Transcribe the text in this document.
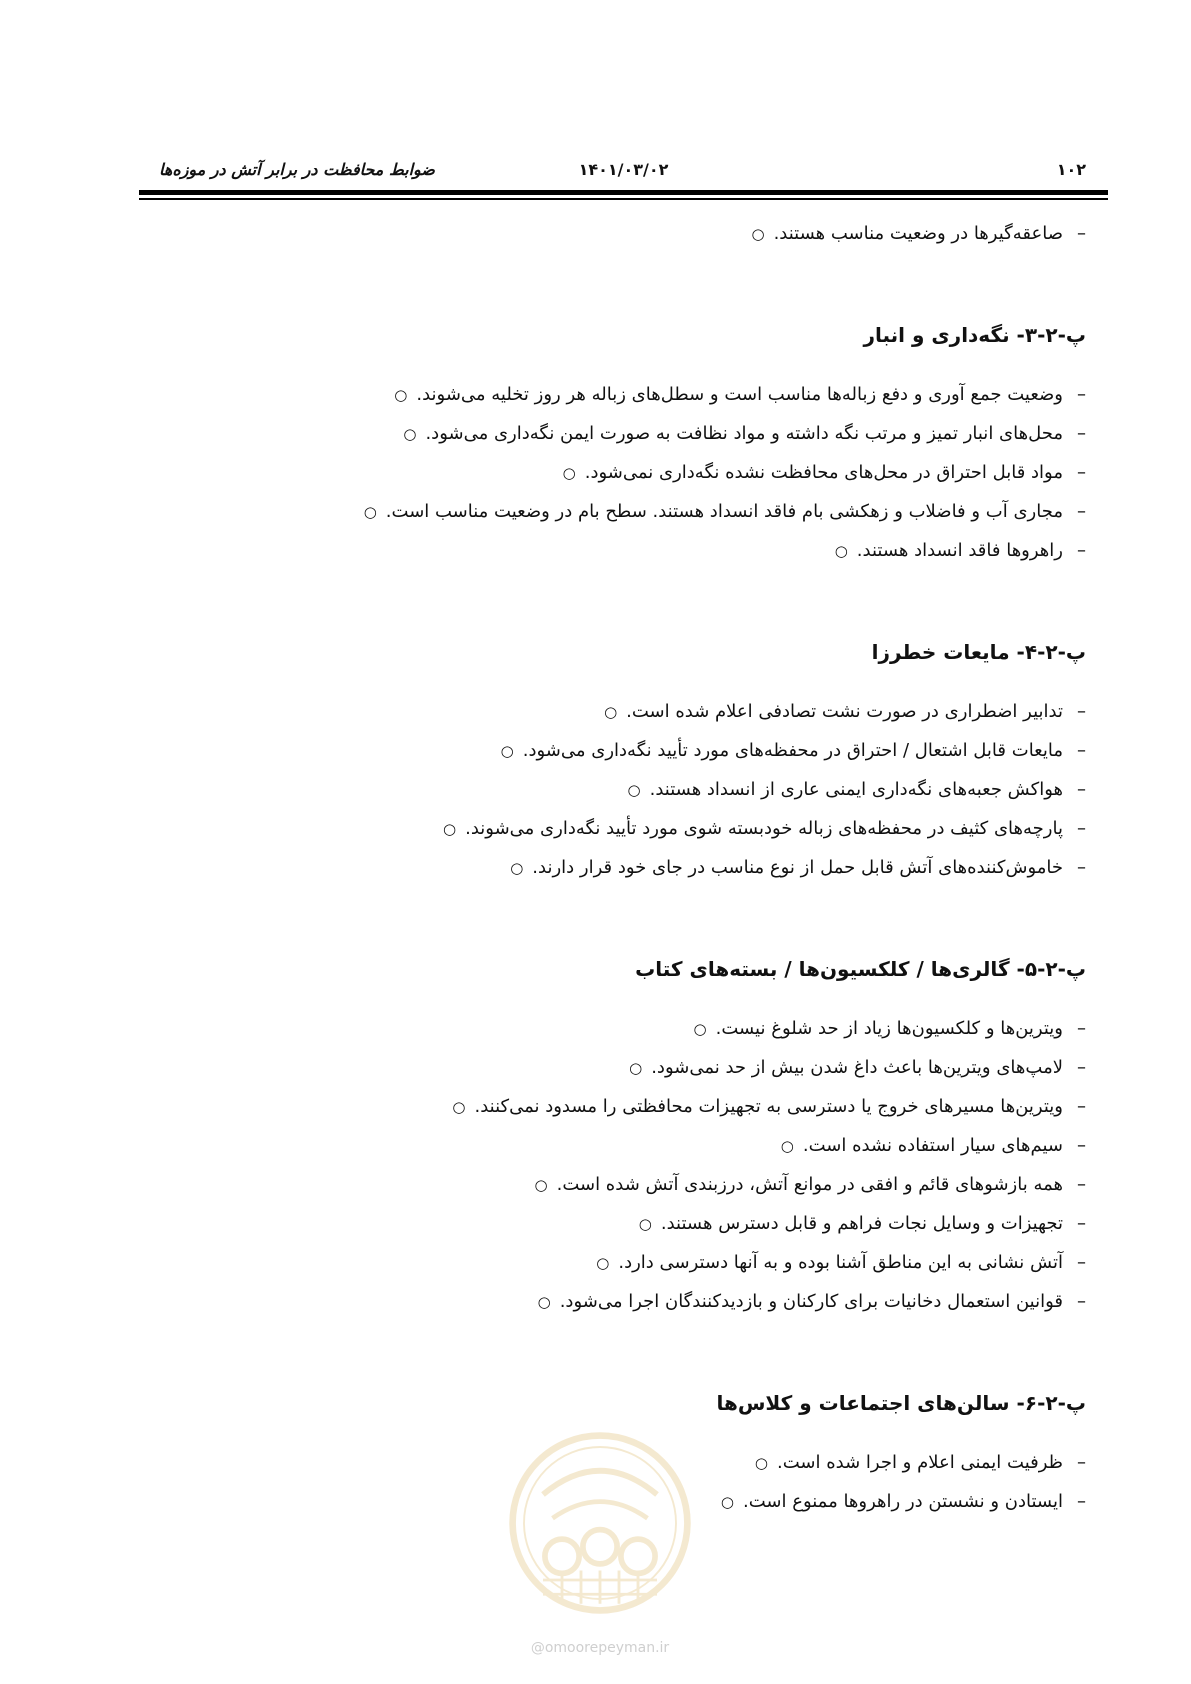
ضوابط محافظت در برابر آتش در موزه‌ها	۱۴۰۱/۰۳/۰۲	۱۰۲
–صاعقه‌گیرها در وضعیت مناسب هستند.○
پ-۲-۳- نگه‌داری و انبار
–وضعیت جمع آوری و دفع زباله‌ها مناسب است و سطل‌های زباله هر روز تخلیه می‌شوند.○
–محل‌های انبار تمیز و مرتب نگه داشته و مواد نظافت به صورت ایمن نگه‌داری می‌شود.○
–مواد قابل احتراق در محل‌های محافظت نشده نگه‌داری نمی‌شود.○
–مجاری آب و فاضلاب و زهکشی بام فاقد انسداد هستند. سطح بام در وضعیت مناسب است.○
–راهروها فاقد انسداد هستند.○
پ-۲-۴- مایعات خطرزا
–تدابیر اضطراری در صورت نشت تصادفی اعلام شده است.○
–مایعات قابل اشتعال / احتراق در محفظه‌های مورد تأیید نگه‌داری می‌شود.○
–هواکش جعبه‌های نگه‌داری ایمنی عاری از انسداد هستند.○
–پارچه‌های کثیف در محفظه‌های زباله خودبسته شوی مورد تأیید نگه‌داری می‌شوند.○
–خاموش‌کننده‌های آتش قابل حمل از نوع مناسب در جای خود قرار دارند.○
پ-۲-۵- گالری‌ها / کلکسیون‌ها / بسته‌های کتاب
–ویترین‌ها و کلکسیون‌ها زیاد از حد شلوغ نیست.○
–لامپ‌های ویترین‌ها باعث داغ شدن بیش از حد نمی‌شود.○
–ویترین‌ها مسیرهای خروج یا دسترسی به تجهیزات محافظتی را مسدود نمی‌کنند.○
–سیم‌های سیار استفاده نشده است.○
–همه بازشوهای قائم و افقی در موانع آتش، درزبندی آتش شده است.○
–تجهیزات و وسایل نجات فراهم و قابل دسترس هستند.○
–آتش نشانی به این مناطق آشنا بوده و به آنها دسترسی دارد.○
–قوانین استعمال دخانیات برای کارکنان و بازدیدکنندگان اجرا می‌شود.○
پ-۲-۶- سالن‌های اجتماعات و کلاس‌ها
–ظرفیت ایمنی اعلام و اجرا شده است.○
–ایستادن و نشستن در راهروها ممنوع است.○
@omoorepeyman.ir
